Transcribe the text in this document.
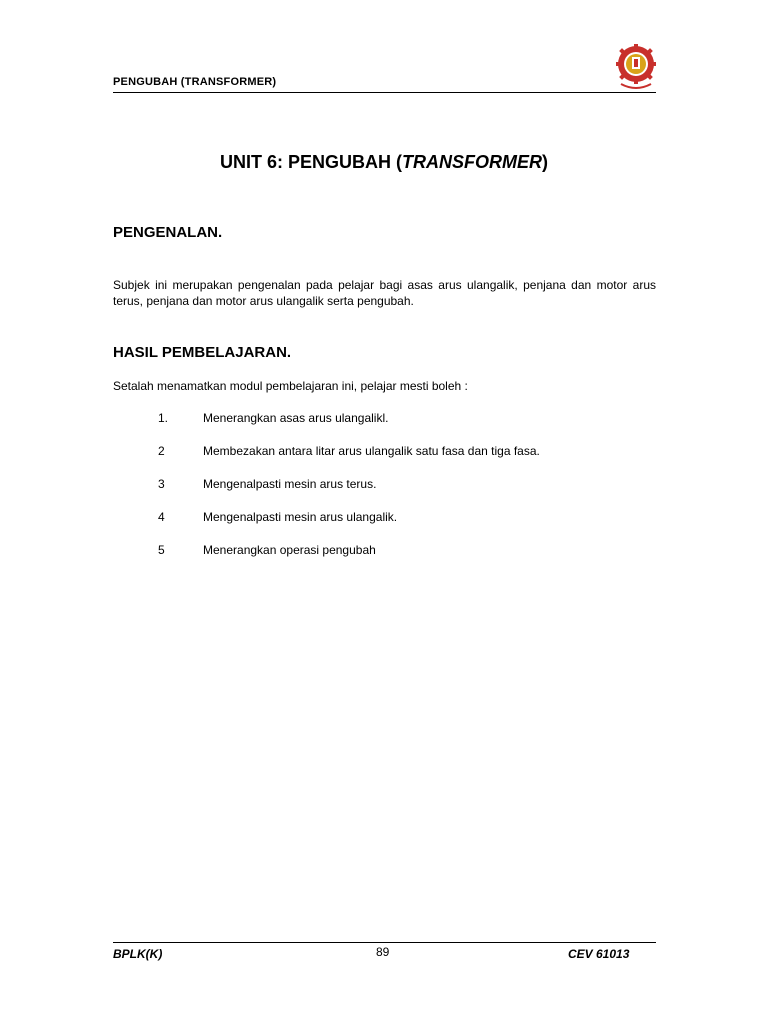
PENGUBAH (TRANSFORMER)
UNIT 6: PENGUBAH (TRANSFORMER)
PENGENALAN.
Subjek ini merupakan pengenalan pada pelajar bagi asas arus ulangalik, penjana dan motor arus terus, penjana dan motor arus ulangalik serta pengubah.
HASIL PEMBELAJARAN.
Setalah menamatkan modul pembelajaran ini, pelajar mesti boleh :
1.	Menerangkan asas arus ulangalikl.
2	Membezakan antara litar arus ulangalik satu fasa dan tiga fasa.
3	Mengenalpasti mesin arus terus.
4	Mengenalpasti mesin arus ulangalik.
5	Menerangkan operasi pengubah
BPLK(K)	89	CEV 61013
